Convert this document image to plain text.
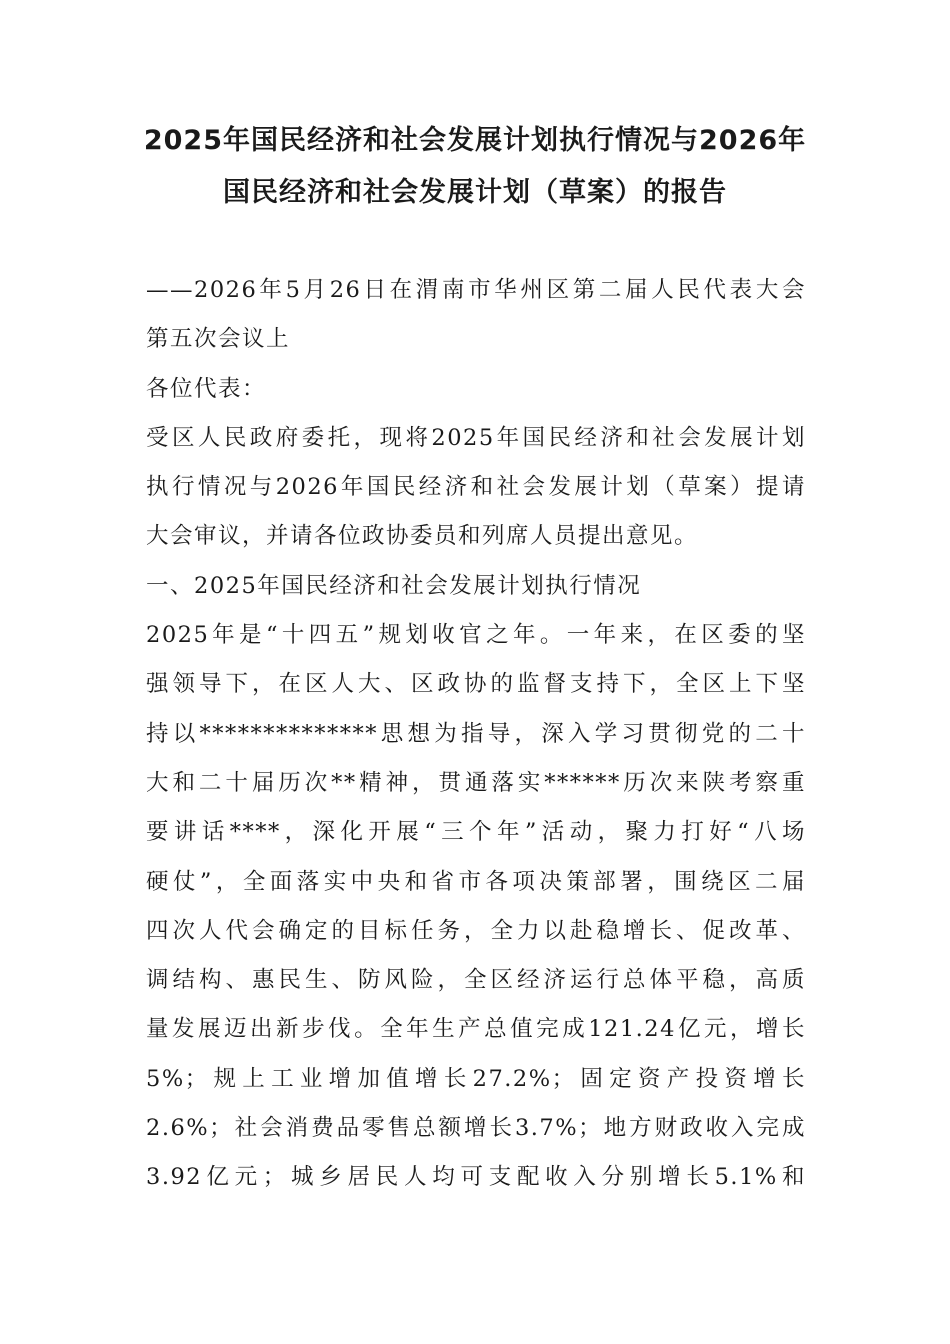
2025年国民经济和社会发展计划执行情况与2026年
国民经济和社会发展计划（草案）的报告
——2026年5月26日在渭南市华州区第二届人民代表大会
第五次会议上
各位代表：
受区人民政府委托，现将2025年国民经济和社会发展计划
执行情况与2026年国民经济和社会发展计划（草案）提请
大会审议，并请各位政协委员和列席人员提出意见。
一、2025年国民经济和社会发展计划执行情况
2025年是“十四五”规划收官之年。一年来，在区委的坚
强领导下，在区人大、区政协的监督支持下，全区上下坚
持以**************思想为指导，深入学习贯彻党的二十
大和二十届历次**精神，贯通落实******历次来陕考察重
要讲话****，深化开展“三个年”活动，聚力打好“八场
硬仗”，全面落实中央和省市各项决策部署，围绕区二届
四次人代会确定的目标任务，全力以赴稳增长、促改革、
调结构、惠民生、防风险，全区经济运行总体平稳，高质
量发展迈出新步伐。全年生产总值完成121.24亿元，增长
5%；规上工业增加值增长27.2%；固定资产投资增长
2.6%；社会消费品零售总额增长3.7%；地方财政收入完成
3.92亿元；城乡居民人均可支配收入分别增长5.1%和
